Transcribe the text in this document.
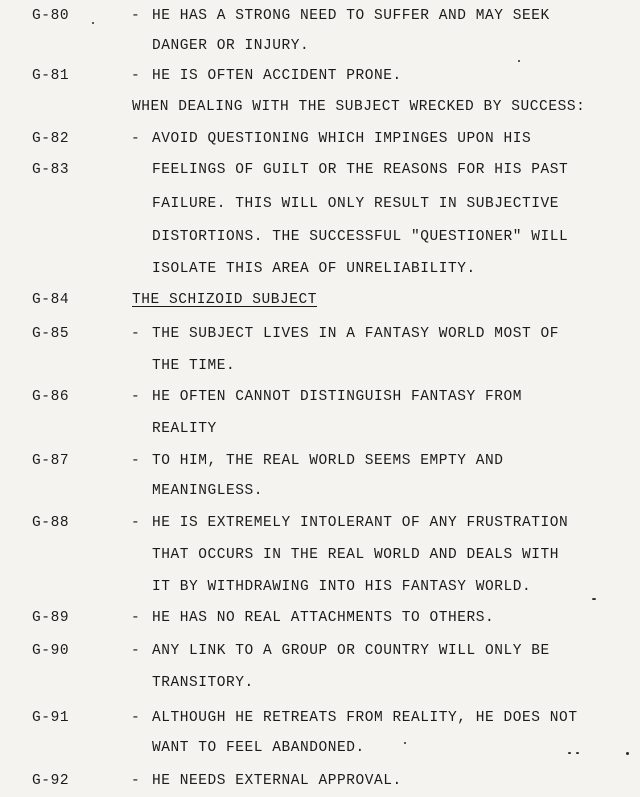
G-80	- HE HAS A STRONG NEED TO SUFFER AND MAY SEEK
DANGER OR INJURY.
G-81	- HE IS OFTEN ACCIDENT PRONE.
WHEN DEALING WITH THE SUBJECT WRECKED BY SUCCESS:
G-82	- AVOID QUESTIONING WHICH IMPINGES UPON HIS
G-83	FEELINGS OF GUILT OR THE REASONS FOR HIS PAST
FAILURE. THIS WILL ONLY RESULT IN SUBJECTIVE
DISTORTIONS. THE SUCCESSFUL "QUESTIONER" WILL
ISOLATE THIS AREA OF UNRELIABILITY.
G-84	THE SCHIZOID SUBJECT
G-85	- THE SUBJECT LIVES IN A FANTASY WORLD MOST OF
THE TIME.
G-86	- HE OFTEN CANNOT DISTINGUISH FANTASY FROM
REALITY
G-87	- TO HIM, THE REAL WORLD SEEMS EMPTY AND
MEANINGLESS.
G-88	- HE IS EXTREMELY INTOLERANT OF ANY FRUSTRATION
THAT OCCURS IN THE REAL WORLD AND DEALS WITH
IT BY WITHDRAWING INTO HIS FANTASY WORLD.
G-89	- HE HAS NO REAL ATTACHMENTS TO OTHERS.
G-90	- ANY LINK TO A GROUP OR COUNTRY WILL ONLY BE
TRANSITORY.
G-91	- ALTHOUGH HE RETREATS FROM REALITY, HE DOES NOT
WANT TO FEEL ABANDONED.
G-92	- HE NEEDS EXTERNAL APPROVAL.
